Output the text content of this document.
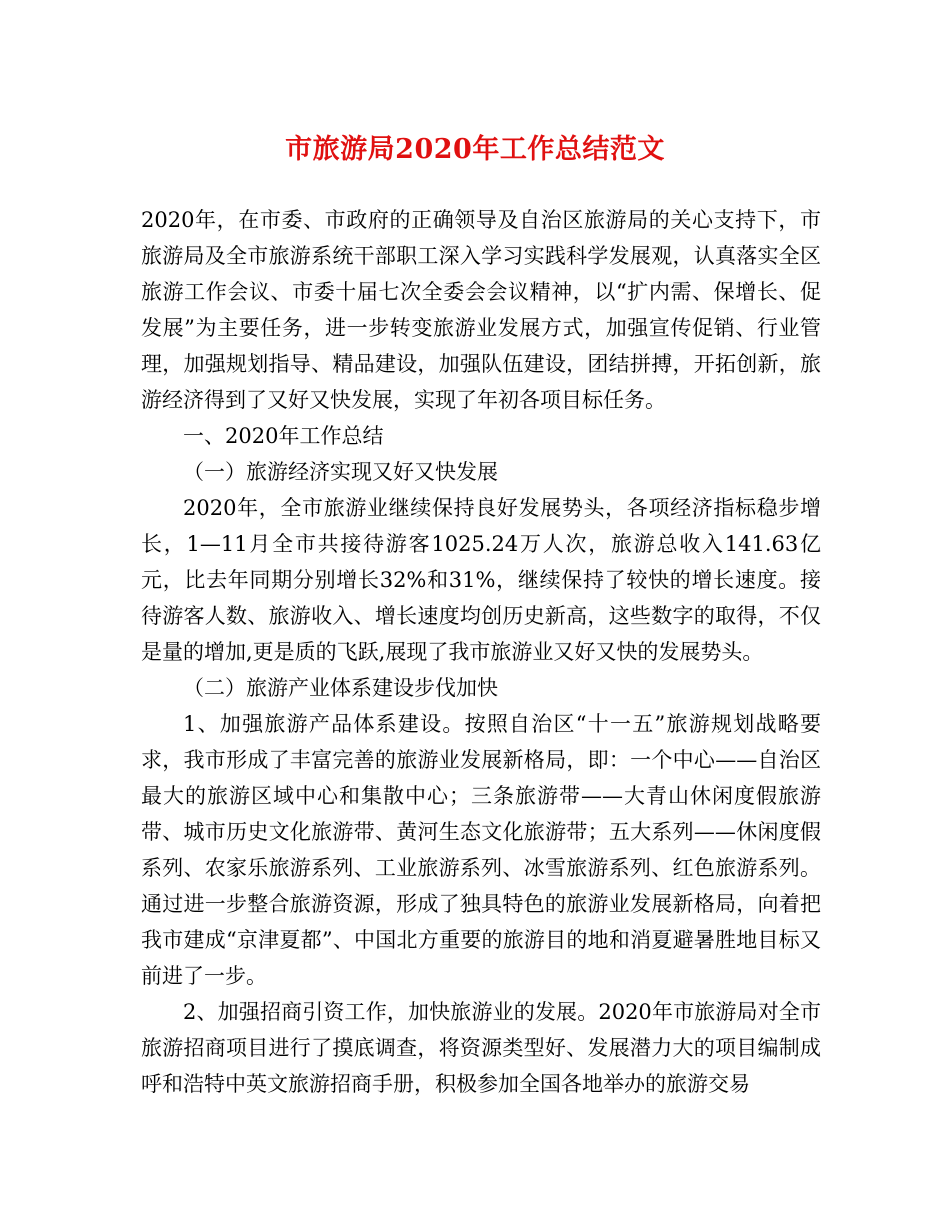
市旅游局2020年工作总结范文

2020年，在市委、市政府的正确领导及自治区旅游局的关心支持下，市旅游局及全市旅游系统干部职工深入学习实践科学发展观，认真落实全区旅游工作会议、市委十届七次全委会会议精神，以“扩内需、保增长、促发展”为主要任务，进一步转变旅游业发展方式，加强宣传促销、行业管理，加强规划指导、精品建设，加强队伍建设，团结拼搏，开拓创新，旅游经济得到了又好又快发展，实现了年初各项目标任务。

一、2020年工作总结

（一）旅游经济实现又好又快发展

2020年，全市旅游业继续保持良好发展势头，各项经济指标稳步增长，1—11月全市共接待游客1025.24万人次，旅游总收入141.63亿元，比去年同期分别增长32%和31%，继续保持了较快的增长速度。接待游客人数、旅游收入、增长速度均创历史新高，这些数字的取得，不仅是量的增加,更是质的飞跃,展现了我市旅游业又好又快的发展势头。

（二）旅游产业体系建设步伐加快

1、加强旅游产品体系建设。按照自治区“十一五”旅游规划战略要求，我市形成了丰富完善的旅游业发展新格局，即：一个中心——自治区最大的旅游区域中心和集散中心；三条旅游带——大青山休闲度假旅游带、城市历史文化旅游带、黄河生态文化旅游带；五大系列——休闲度假系列、农家乐旅游系列、工业旅游系列、冰雪旅游系列、红色旅游系列。通过进一步整合旅游资源，形成了独具特色的旅游业发展新格局，向着把我市建成“京津夏都”、中国北方重要的旅游目的地和消夏避暑胜地目标又前进了一步。

2、加强招商引资工作，加快旅游业的发展。2020年市旅游局对全市旅游招商项目进行了摸底调查，将资源类型好、发展潜力大的项目编制成呼和浩特中英文旅游招商手册，积极参加全国各地举办的旅游交易
